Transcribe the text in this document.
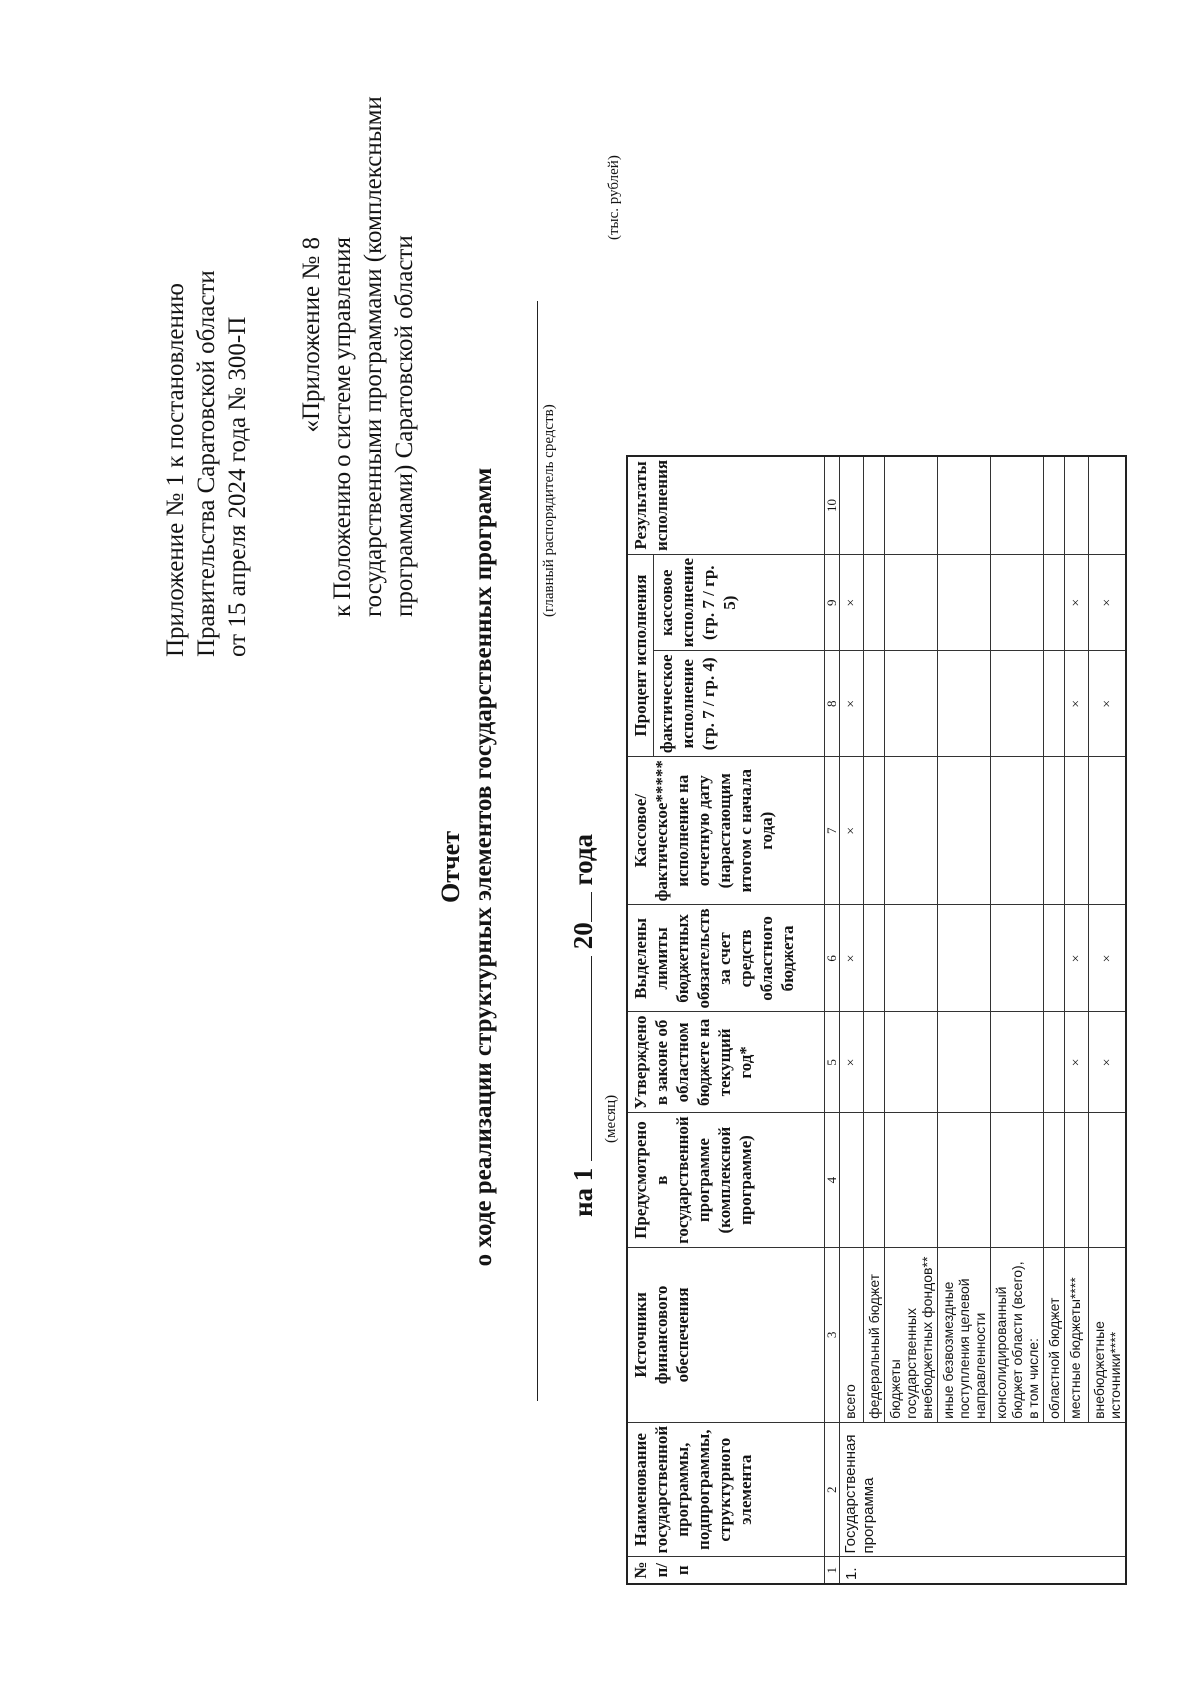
Приложение № 1 к постановлению Правительства Саратовской области от 15 апреля 2024 года № 300-П «Приложение № 8
к
Положению
о
системе
управления государственными программами (комплексными программами) Саратовской области
Отчет о ходе реализации структурных элементов государственных программ	(главный распорядитель средств)
на 1  20 года
(месяц)
(тыс. рублей)
№ п/п	Наименование государственной программы, подпрограммы, структурного элемента	Источники финансового обеспечения	Предусмотрено в государственной программе (комплексной программе)	Утверждено в законе об областном бюджете на текущий год*	Выделены лимиты бюджетных обязательств за счет средств областного бюджета	Кассовое/ фактическое***** исполнение на отчетную дату (нарастающим итогом с начала года)	Процент исполнения		Результаты исполнения
							фактическое исполнение (гр. 7 / гр. 4)	кассовое исполнение (гр. 7 / гр. 5)	
1	2	3	4	5	6	7	8	9	10
1.	Государственная программа	всего		×	×	×	×	×	
		федеральный бюджет							
		бюджеты государственных внебюджетных фондов**							
		иные безвозмездные поступления целевой направленности							
		консолидированный бюджет области (всего), в том числе:							
		областной бюджет							
		местные бюджеты****		×	×		×	×	
		внебюджетные источники****		×	×		×	×	
